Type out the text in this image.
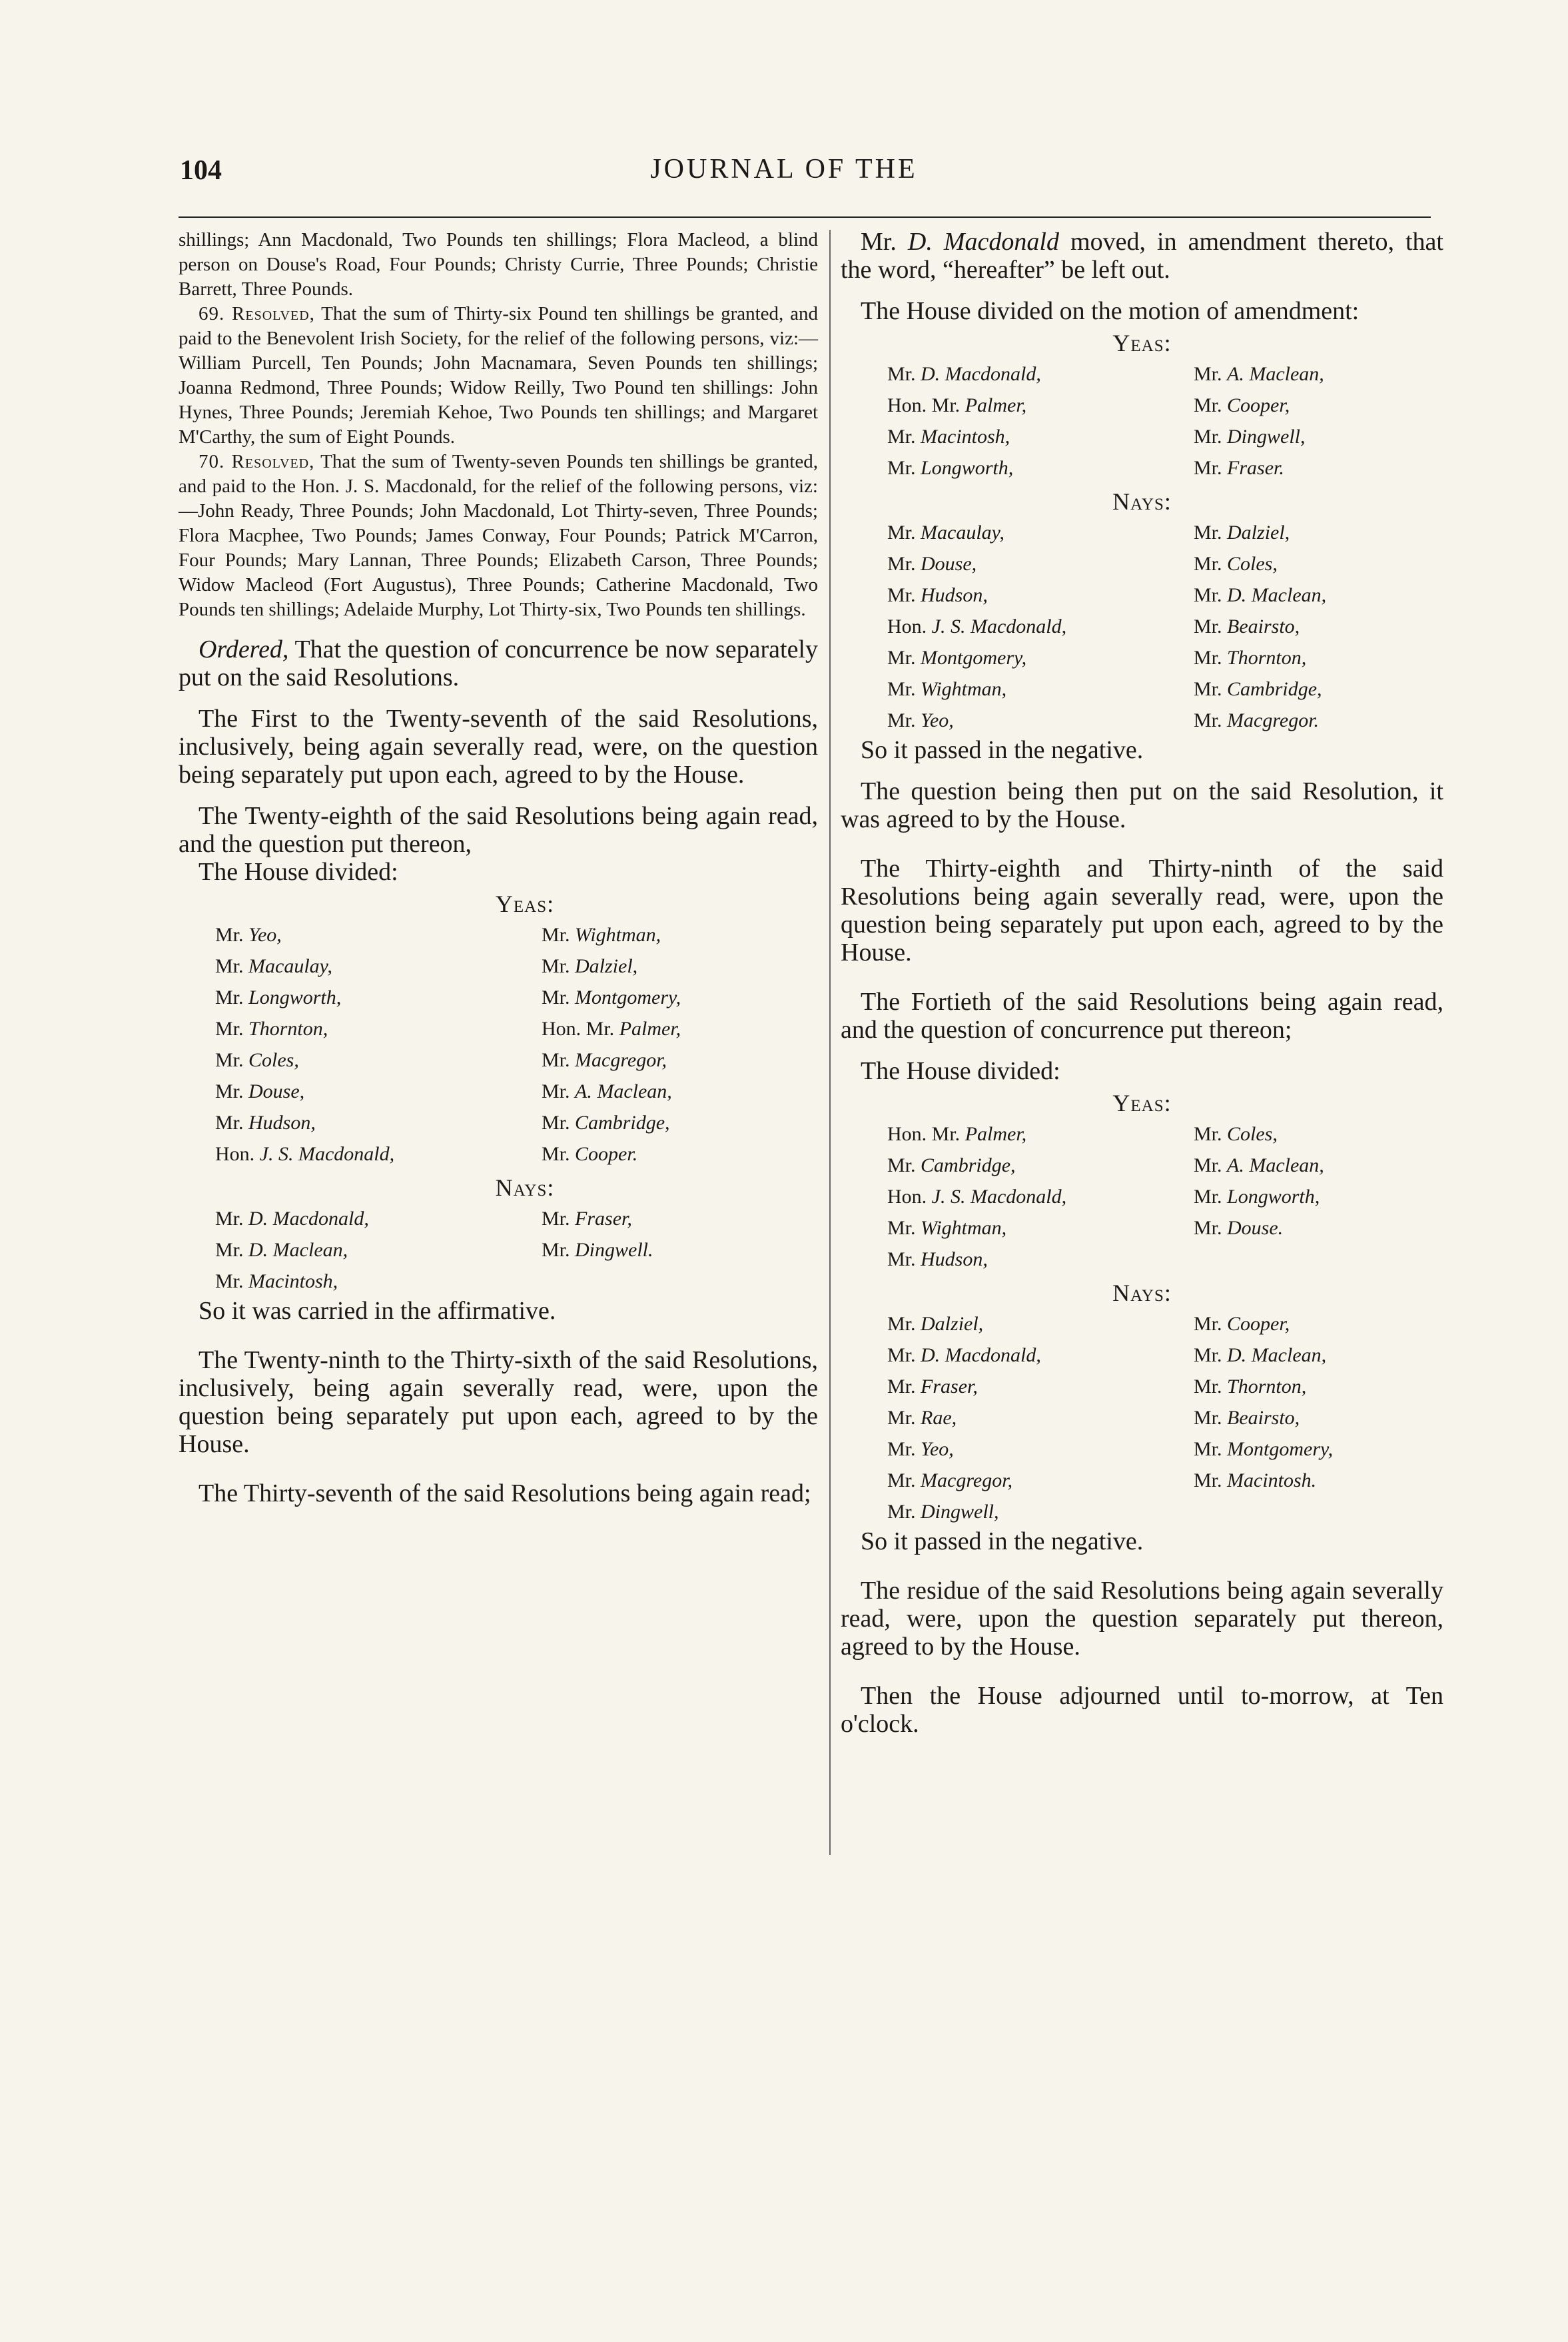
104	JOURNAL OF THE

shillings; Ann Macdonald, Two Pounds ten shillings; Flora Macleod, a blind person on Douse's Road, Four Pounds; Christy Currie, Three Pounds; Christie Barrett, Three Pounds.

69. Resolved, That the sum of Thirty-six Pound ten shillings be granted, and paid to the Benevolent Irish Society, for the relief of the following persons, viz:—William Purcell, Ten Pounds; John Macnamara, Seven Pounds ten shillings; Joanna Redmond, Three Pounds; Widow Reilly, Two Pound ten shillings: John Hynes, Three Pounds; Jeremiah Kehoe, Two Pounds ten shillings; and Margaret M'Carthy, the sum of Eight Pounds.

70. Resolved, That the sum of Twenty-seven Pounds ten shillings be granted, and paid to the Hon. J. S. Macdonald, for the relief of the following persons, viz:—John Ready, Three Pounds; John Macdonald, Lot Thirty-seven, Three Pounds; Flora Macphee, Two Pounds; James Conway, Four Pounds; Patrick M'Carron, Four Pounds; Mary Lannan, Three Pounds; Elizabeth Carson, Three Pounds; Widow Macleod (Fort Augustus), Three Pounds; Catherine Macdonald, Two Pounds ten shillings; Adelaide Murphy, Lot Thirty-six, Two Pounds ten shillings.

Ordered, That the question of concurrence be now separately put on the said Resolutions.

The First to the Twenty-seventh of the said Resolutions, inclusively, being again severally read, were, on the question being separately put upon each, agreed to by the House.

The Twenty-eighth of the said Resolutions being again read, and the question put thereon,

The House divided:

Yeas:
Mr. Yeo,	Mr. Wightman,
Mr. Macaulay,	Mr. Dalziel,
Mr. Longworth,	Mr. Montgomery,
Mr. Thornton,	Hon. Mr. Palmer,
Mr. Coles,	Mr. Macgregor,
Mr. Douse,	Mr. A. Maclean,
Mr. Hudson,	Mr. Cambridge,
Hon. J. S. Macdonald,	Mr. Cooper.
Nays:
Mr. D. Macdonald,	Mr. Fraser,
Mr. D. Maclean,	Mr. Dingwell.
Mr. Macintosh,

So it was carried in the affirmative.

The Twenty-ninth to the Thirty-sixth of the said Resolutions, inclusively, being again severally read, were, upon the question being separately put upon each, agreed to by the House.

The Thirty-seventh of the said Resolutions being again read;

Mr. D. Macdonald moved, in amendment thereto, that the word, “hereafter” be left out.

The House divided on the motion of amendment:

Yeas:
Mr. D. Macdonald,	Mr. A. Maclean,
Hon. Mr. Palmer,	Mr. Cooper,
Mr. Macintosh,	Mr. Dingwell,
Mr. Longworth,	Mr. Fraser.
Nays:
Mr. Macaulay,	Mr. Dalziel,
Mr. Douse,	Mr. Coles,
Mr. Hudson,	Mr. D. Maclean,
Hon. J. S. Macdonald,	Mr. Beairsto,
Mr. Montgomery,	Mr. Thornton,
Mr. Wightman,	Mr. Cambridge,
Mr. Yeo,	Mr. Macgregor.

So it passed in the negative.

The question being then put on the said Resolution, it was agreed to by the House.

The Thirty-eighth and Thirty-ninth of the said Resolutions being again severally read, were, upon the question being separately put upon each, agreed to by the House.

The Fortieth of the said Resolutions being again read, and the question of concurrence put thereon;

The House divided:

Yeas:
Hon. Mr. Palmer,	Mr. Coles,
Mr. Cambridge,	Mr. A. Maclean,
Hon. J. S. Macdonald,	Mr. Longworth,
Mr. Wightman,	Mr. Douse.
Mr. Hudson,
Nays:
Mr. Dalziel,	Mr. Cooper,
Mr. D. Macdonald,	Mr. D. Maclean,
Mr. Fraser,	Mr. Thornton,
Mr. Rae,	Mr. Beairsto,
Mr. Yeo,	Mr. Montgomery,
Mr. Macgregor,	Mr. Macintosh.
Mr. Dingwell,

So it passed in the negative.

The residue of the said Resolutions being again severally read, were, upon the question separately put thereon, agreed to by the House.

Then the House adjourned until to-morrow, at Ten o'clock.
